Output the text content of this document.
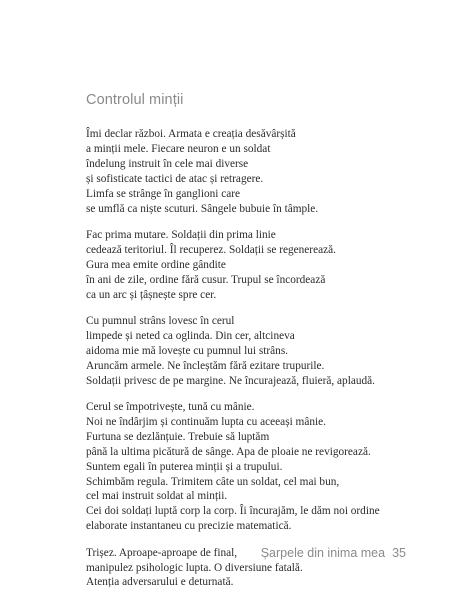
Controlul minții
Îmi declar război. Armata e creația desăvârșită
a minții mele. Fiecare neuron e un soldat
îndelung instruit în cele mai diverse
și sofisticate tactici de atac și retragere.
Limfa se strânge în ganglioni care
se umflă ca niște scuturi. Sângele bubuie în tâmple.
Fac prima mutare. Soldații din prima linie
cedează teritoriul. Îl recuperez. Soldații se regenerează.
Gura mea emite ordine gândite
în ani de zile, ordine fără cusur. Trupul se încordează
ca un arc și țâșnește spre cer.
Cu pumnul strâns lovesc în cerul
limpede și neted ca oglinda. Din cer, altcineva
aidoma mie mă lovește cu pumnul lui strâns.
Aruncăm armele. Ne încleștăm fără ezitare trupurile.
Soldații privesc de pe margine. Ne încurajează, fluieră, aplaudă.
Cerul se împotrivește, tună cu mânie.
Noi ne îndârjim și continuăm lupta cu aceeași mânie.
Furtuna se dezlănțuie. Trebuie să luptăm
până la ultima picătură de sânge. Apa de ploaie ne revigorează.
Suntem egali în puterea minții și a trupului.
Schimbăm regula. Trimitem câte un soldat, cel mai bun,
cel mai instruit soldat al minții.
Cei doi soldați luptă corp la corp. Îi încurajăm, le dăm noi ordine
elaborate instantaneu cu precizie matematică.
Trișez. Aproape-aproape de final,
manipulez psihologic lupta. O diversiune fatală.
Atenția adversarului e deturnată.
Șarpele din inima mea 35
